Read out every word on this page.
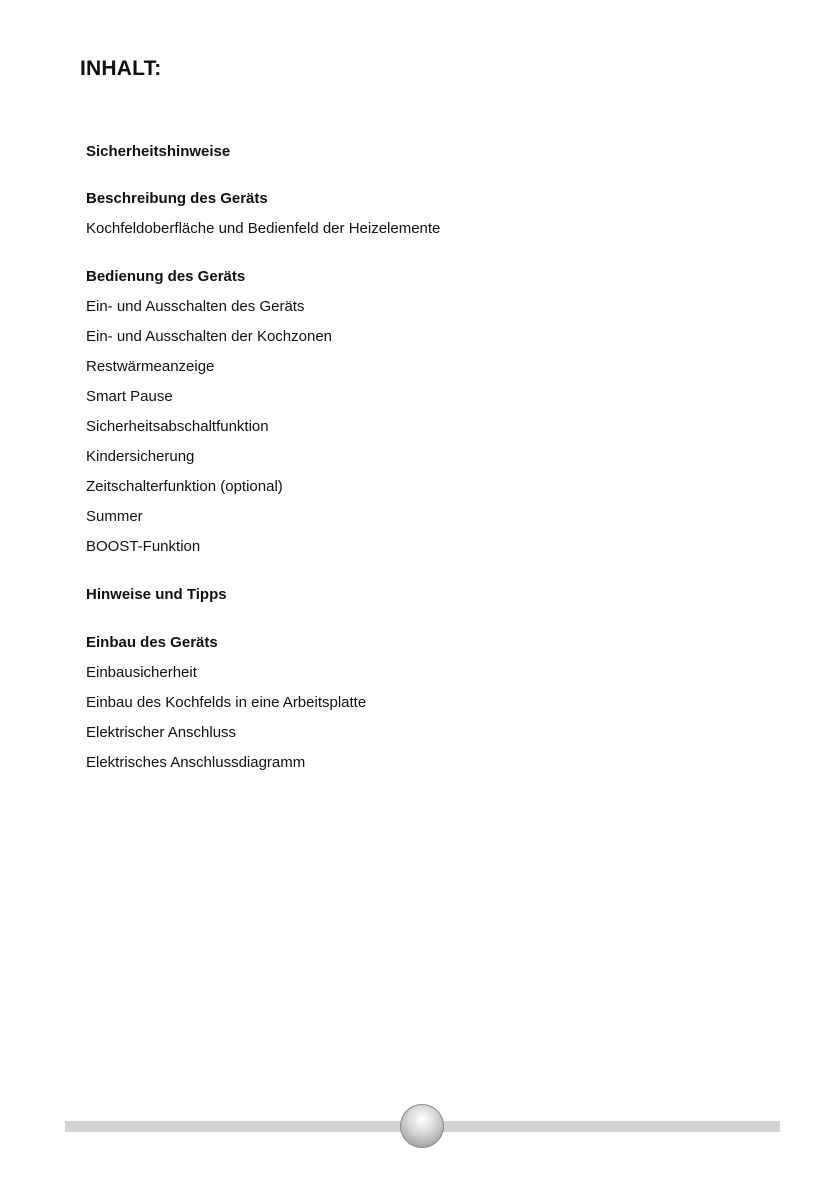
INHALT:
Sicherheitshinweise
Beschreibung des Geräts
Kochfeldoberfläche und Bedienfeld der Heizelemente
Bedienung des Geräts
Ein- und Ausschalten des Geräts
Ein- und Ausschalten der Kochzonen
Restwärmeanzeige
Smart Pause
Sicherheitsabschaltfunktion
Kindersicherung
Zeitschalterfunktion (optional)
Summer
BOOST-Funktion
Hinweise und Tipps
Einbau des Geräts
Einbausicherheit
Einbau des Kochfelds in eine Arbeitsplatte
Elektrischer Anschluss
Elektrisches Anschlussdiagramm
